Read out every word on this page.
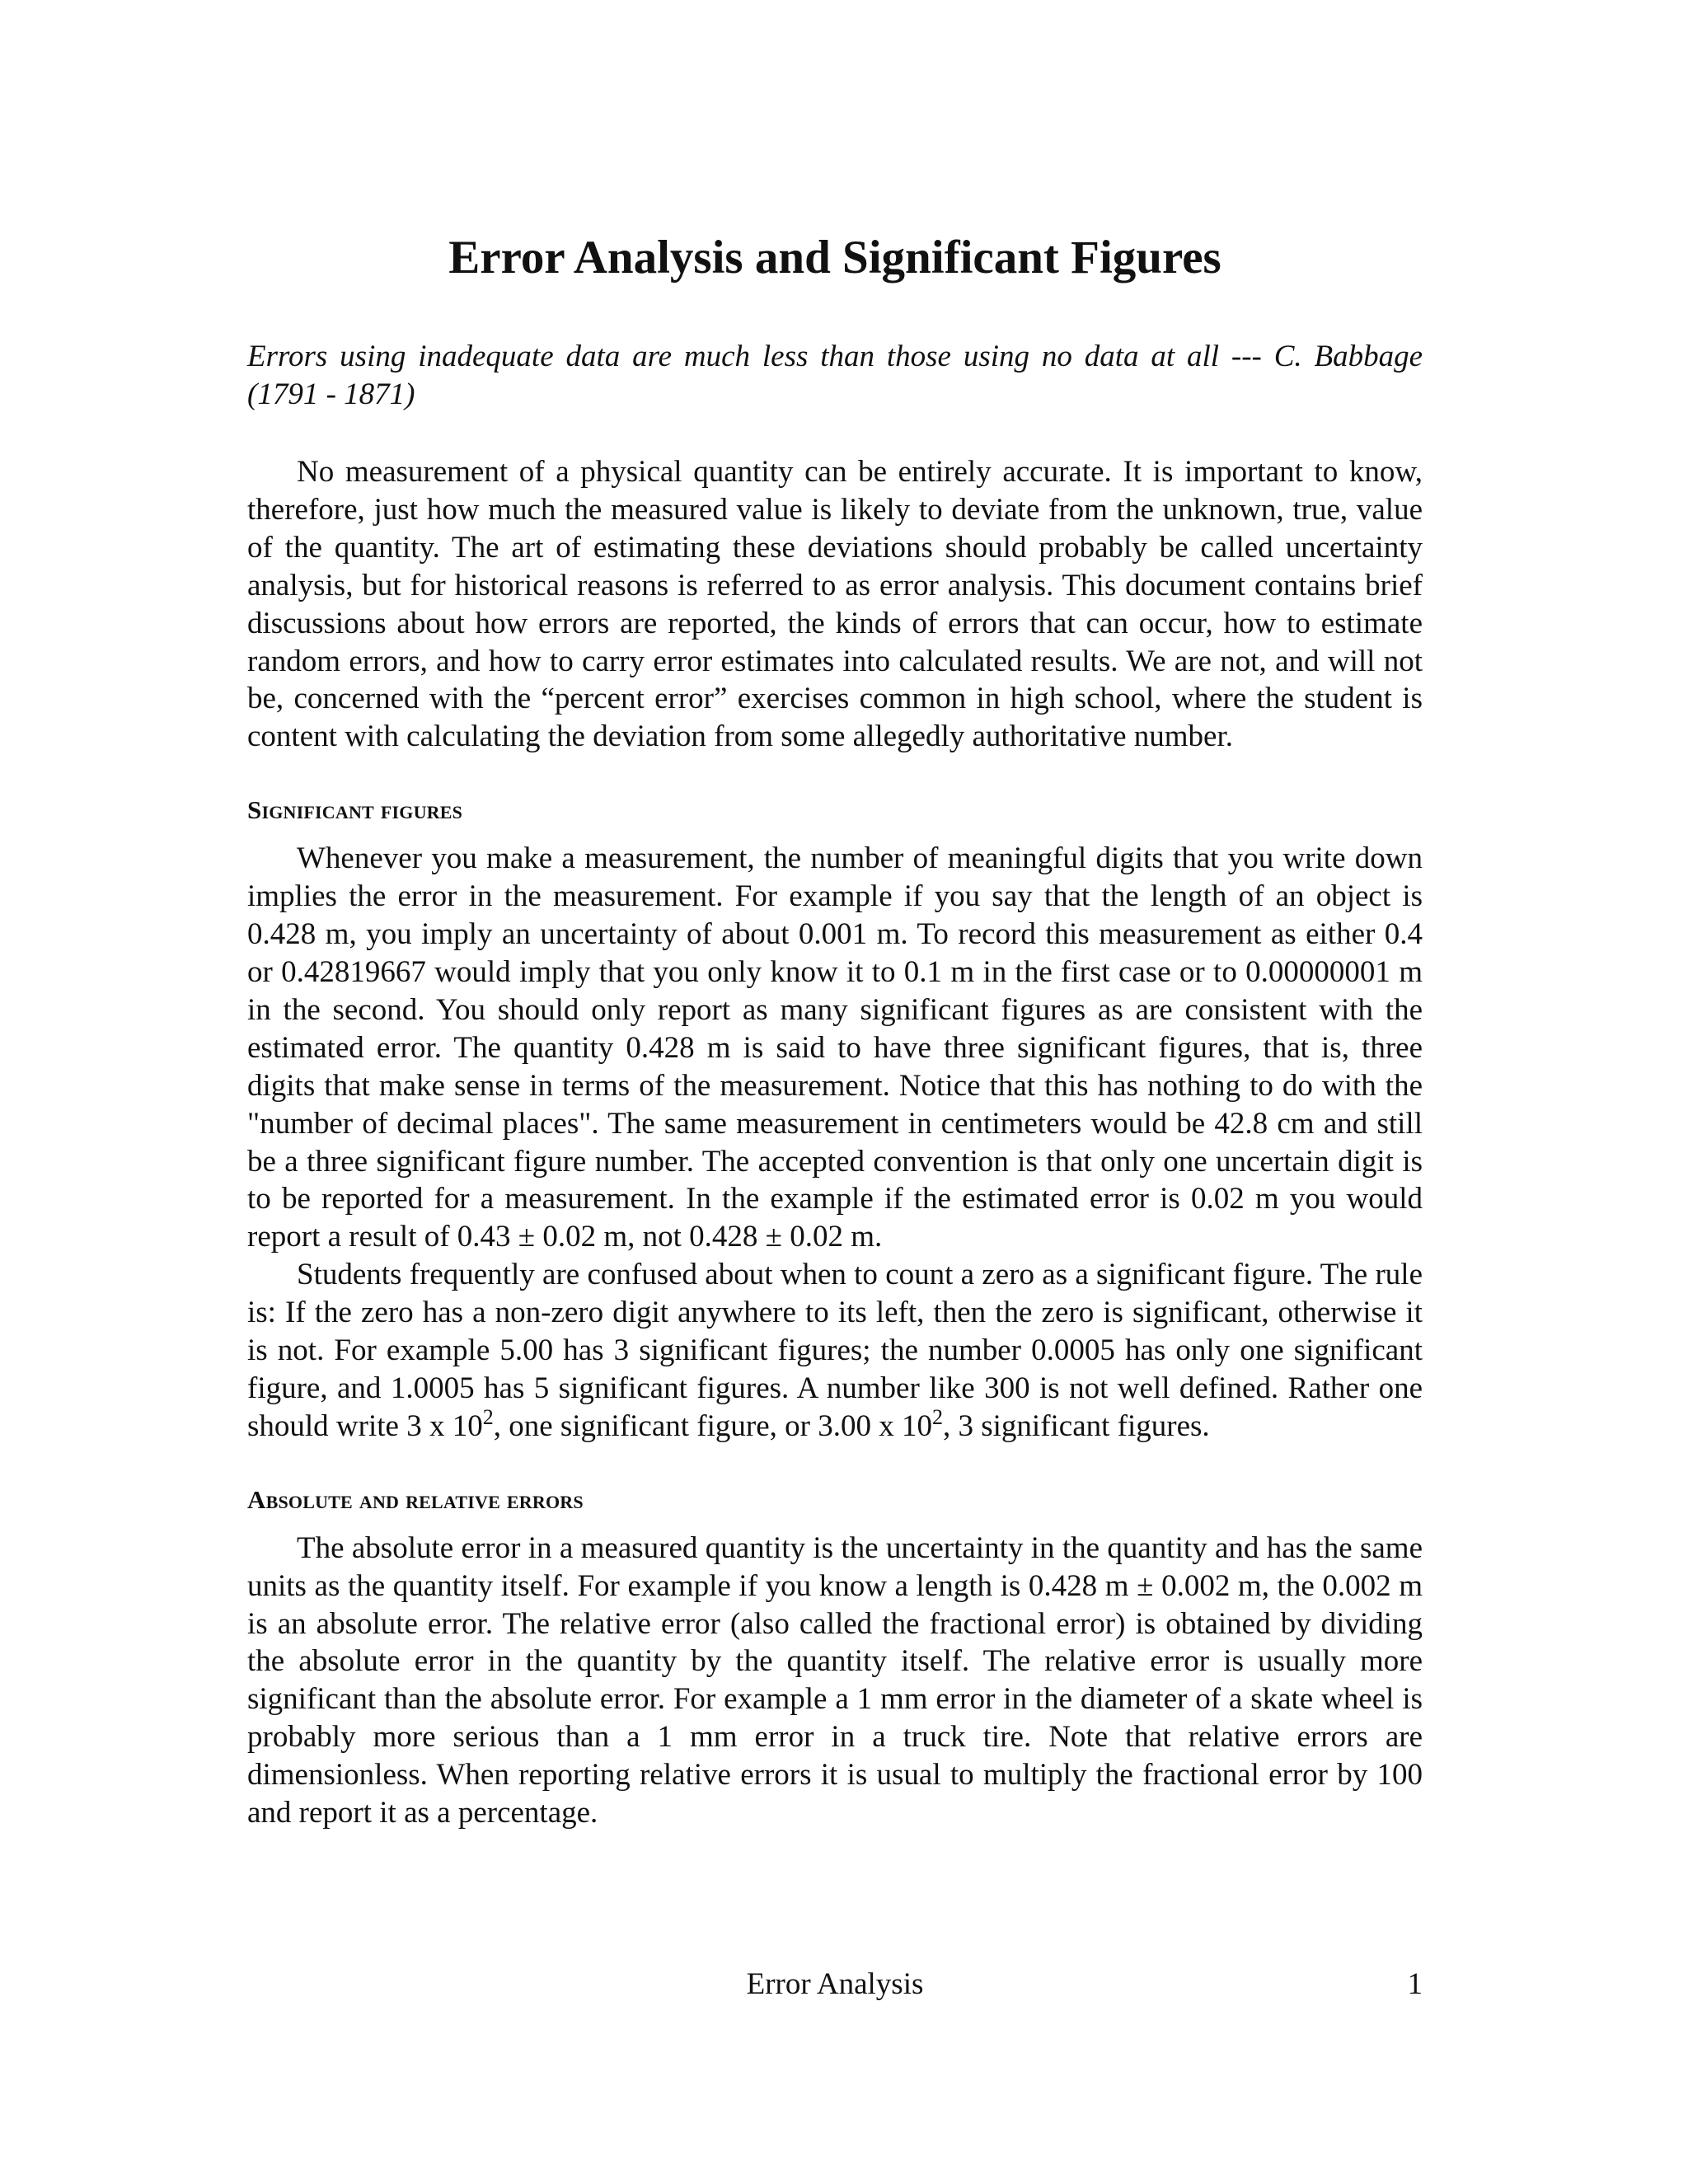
Error Analysis and Significant Figures

Errors using inadequate data are much less than those using no data at all --- C. Babbage (1791 - 1871)

No measurement of a physical quantity can be entirely accurate. It is important to know, therefore, just how much the measured value is likely to deviate from the unknown, true, value of the quantity. The art of estimating these deviations should probably be called uncertainty analysis, but for historical reasons is referred to as error analysis. This document contains brief discussions about how errors are reported, the kinds of errors that can occur, how to estimate random errors, and how to carry error estimates into calculated results. We are not, and will not be, concerned with the “percent error” exercises common in high school, where the student is content with calculating the deviation from some allegedly authoritative number.

Significant figures

Whenever you make a measurement, the number of meaningful digits that you write down implies the error in the measurement. For example if you say that the length of an object is 0.428 m, you imply an uncertainty of about 0.001 m. To record this measurement as either 0.4 or 0.42819667 would imply that you only know it to 0.1 m in the first case or to 0.00000001 m in the second. You should only report as many significant figures as are consistent with the estimated error. The quantity 0.428 m is said to have three significant figures, that is, three digits that make sense in terms of the measurement. Notice that this has nothing to do with the "number of decimal places". The same measurement in centimeters would be 42.8 cm and still be a three significant figure number. The accepted convention is that only one uncertain digit is to be reported for a measurement. In the example if the estimated error is 0.02 m you would report a result of 0.43 ± 0.02 m, not 0.428 ± 0.02 m.

Students frequently are confused about when to count a zero as a significant figure. The rule is: If the zero has a non-zero digit anywhere to its left, then the zero is significant, otherwise it is not. For example 5.00 has 3 significant figures; the number 0.0005 has only one significant figure, and 1.0005 has 5 significant figures. A number like 300 is not well defined. Rather one should write 3 x $10^2$, one significant figure, or 3.00 x $10^2$, 3 significant figures.

Absolute and relative errors

The absolute error in a measured quantity is the uncertainty in the quantity and has the same units as the quantity itself. For example if you know a length is 0.428 m ± 0.002 m, the 0.002 m is an absolute error. The relative error (also called the fractional error) is obtained by dividing the absolute error in the quantity by the quantity itself. The relative error is usually more significant than the absolute error. For example a 1 mm error in the diameter of a skate wheel is probably more serious than a 1 mm error in a truck tire. Note that relative errors are dimensionless. When reporting relative errors it is usual to multiply the fractional error by 100 and report it as a percentage.

Error Analysis	1
